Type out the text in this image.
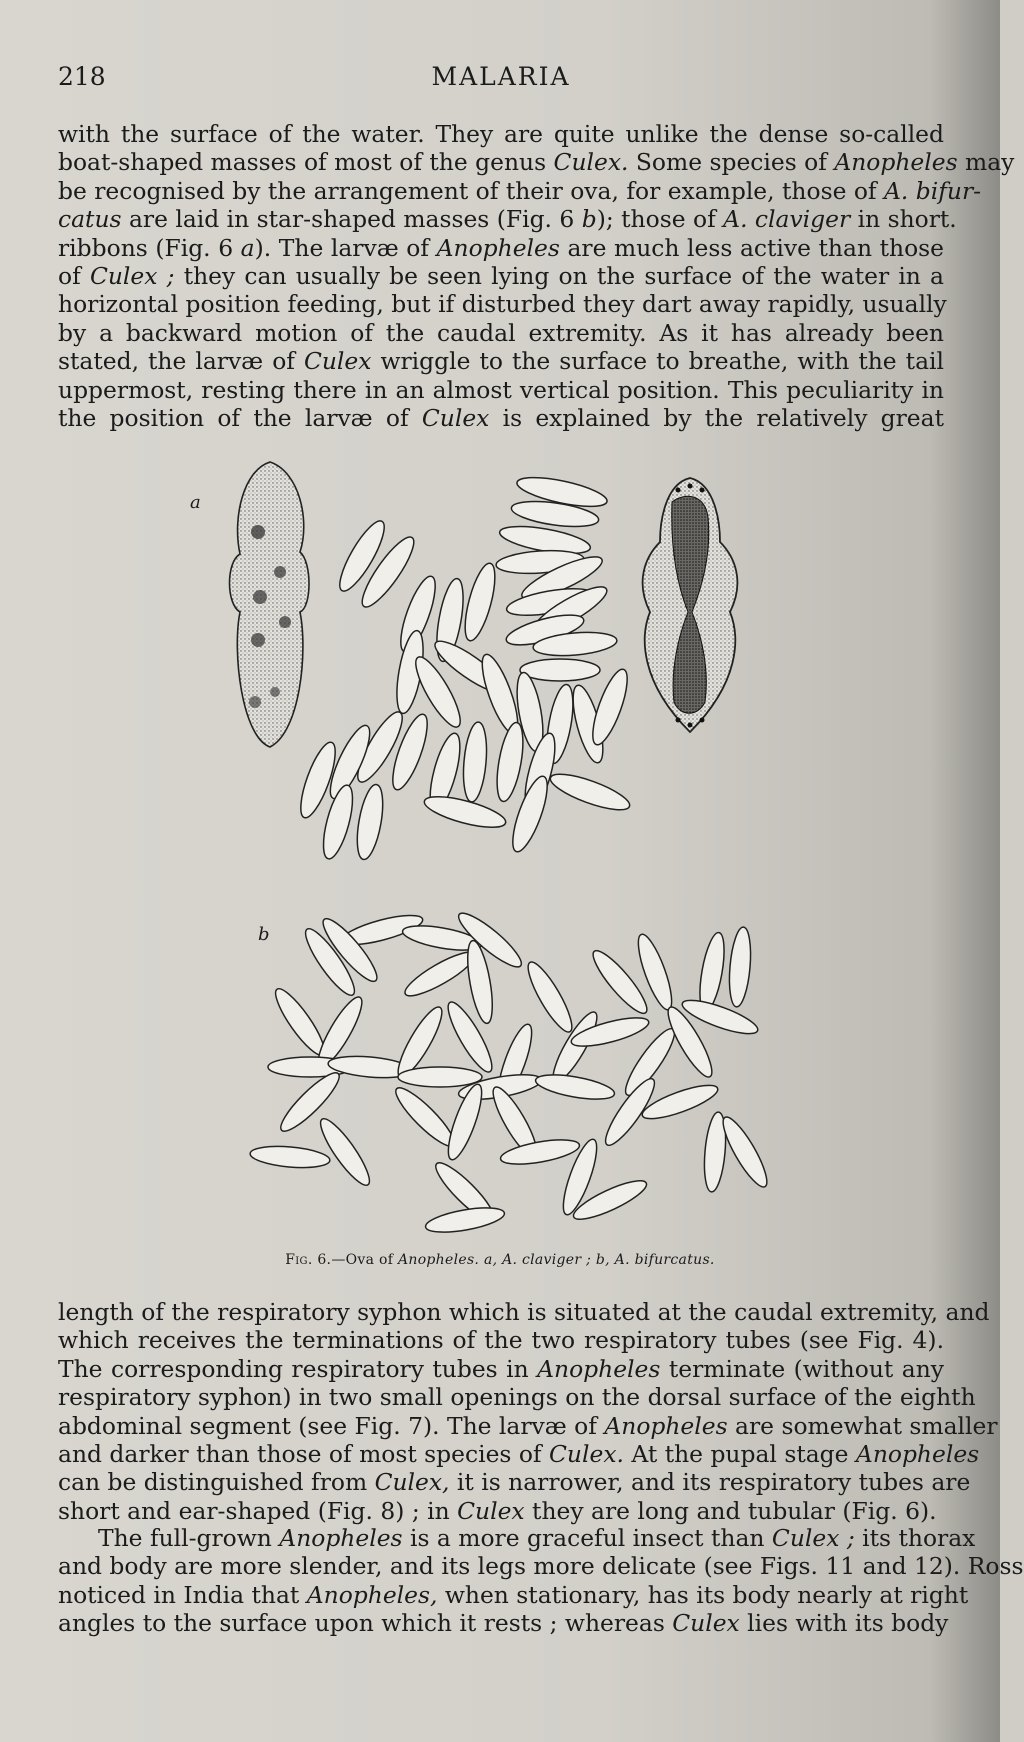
218	MALARIA

with the surface of the water. They are quite unlike the dense so-called
boat-shaped masses of most of the genus Culex. Some species of Anopheles may
be recognised by the arrangement of their ova, for example, those of A. bifur-
catus are laid in star-shaped masses (Fig. 6 b); those of A. claviger in short.
ribbons (Fig. 6 a). The larvæ of Anopheles are much less active than those
of Culex ; they can usually be seen lying on the surface of the water in a
horizontal position feeding, but if disturbed they dart away rapidly, usually
by a backward motion of the caudal extremity. As it has already been
stated, the larvæ of Culex wriggle to the surface to breathe, with the tail
uppermost, resting there in an almost vertical position. This peculiarity in
the position of the larvæ of Culex is explained by the relatively great

a
b
Fig. 6.—Ova of Anopheles. a, A. claviger ; b, A. bifurcatus.

length of the respiratory syphon which is situated at the caudal extremity, and
which receives the terminations of the two respiratory tubes (see Fig. 4).
The corresponding respiratory tubes in Anopheles terminate (without any
respiratory syphon) in two small openings on the dorsal surface of the eighth
abdominal segment (see Fig. 7). The larvæ of Anopheles are somewhat smaller
and darker than those of most species of Culex. At the pupal stage Anopheles
can be distinguished from Culex, it is narrower, and its respiratory tubes are
short and ear-shaped (Fig. 8) ; in Culex they are long and tubular (Fig. 6).

The full-grown Anopheles is a more graceful insect than Culex ; its thorax
and body are more slender, and its legs more delicate (see Figs. 11 and 12). Ross
noticed in India that Anopheles, when stationary, has its body nearly at right
angles to the surface upon which it rests ; whereas Culex lies with its body
